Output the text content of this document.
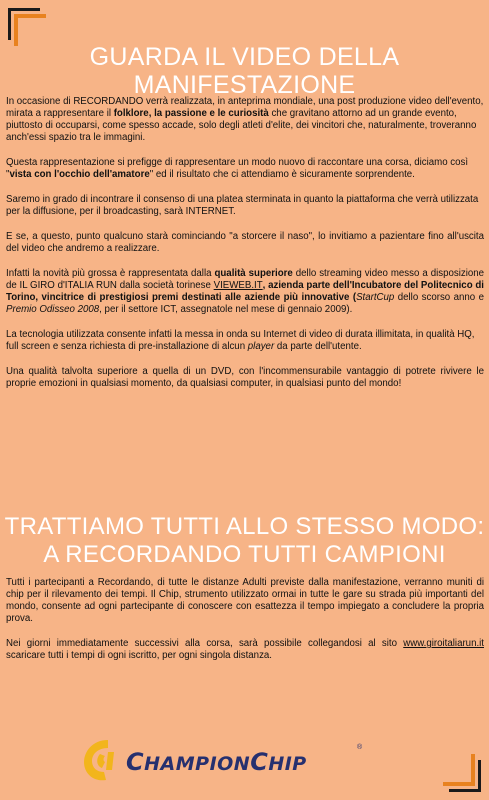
GUARDA IL VIDEO DELLA
MANIFESTAZIONE

In occasione di RECORDANDO verrà realizzata, in anteprima mondiale, una post produzione video dell'evento, mirata a rappresentare il folklore, la passione e le curiosità che gravitano attorno ad un grande evento, piuttosto di occuparsi, come spesso accade, solo degli atleti d'elite, dei vincitori che, naturalmente, troveranno anch'essi spazio tra le immagini.

Questa rappresentazione si prefigge di rappresentare un modo nuovo di raccontare una corsa, diciamo così "vista con l'occhio dell'amatore" ed il risultato che ci attendiamo è sicuramente sorprendente.

Saremo in grado di incontrare il consenso di una platea sterminata in quanto la piattaforma che verrà utilizzata per la diffusione, per il broadcasting, sarà INTERNET.

E se, a questo, punto qualcuno starà cominciando "a storcere il naso", lo invitiamo a pazientare fino all'uscita del video che andremo a realizzare.

Infatti la novità più grossa è rappresentata dalla qualità superiore dello streaming video messo a disposizione de IL GIRO d'ITALIA RUN dalla società torinese VIEWEB.IT, azienda parte dell'Incubatore del Politecnico di Torino, vincitrice di prestigiosi premi destinati alle aziende più innovative (StartCup dello scorso anno e Premio Odisseo 2008, per il settore ICT, assegnatole nel mese di gennaio 2009).

La tecnologia utilizzata consente infatti la messa in onda su Internet di video di durata illimitata, in qualità HQ, full screen e senza richiesta di pre-installazione di alcun player da parte dell'utente.

Una qualità talvolta superiore a quella di un DVD, con l'incommensurabile vantaggio di potrete rivivere le proprie emozioni in qualsiasi momento, da qualsiasi computer, in qualsiasi punto del mondo!

TRATTIAMO TUTTI ALLO STESSO MODO:
A RECORDANDO TUTTI CAMPIONI

Tutti i partecipanti a Recordando, di tutte le distanze Adulti previste dalla manifestazione, verranno muniti di chip per il rilevamento dei tempi. Il Chip, strumento utilizzato ormai in tutte le gare su strada più importanti del mondo, consente ad ogni partecipante di conoscere con esattezza il tempo impiegato a concludere la propria prova.

Nei giorni immediatamente successivi alla corsa, sarà possibile collegandosi al sito www.giroitaliarun.it scaricare tutti i tempi di ogni iscritto, per ogni singola distanza.

CHAMPIONCHIP
®
